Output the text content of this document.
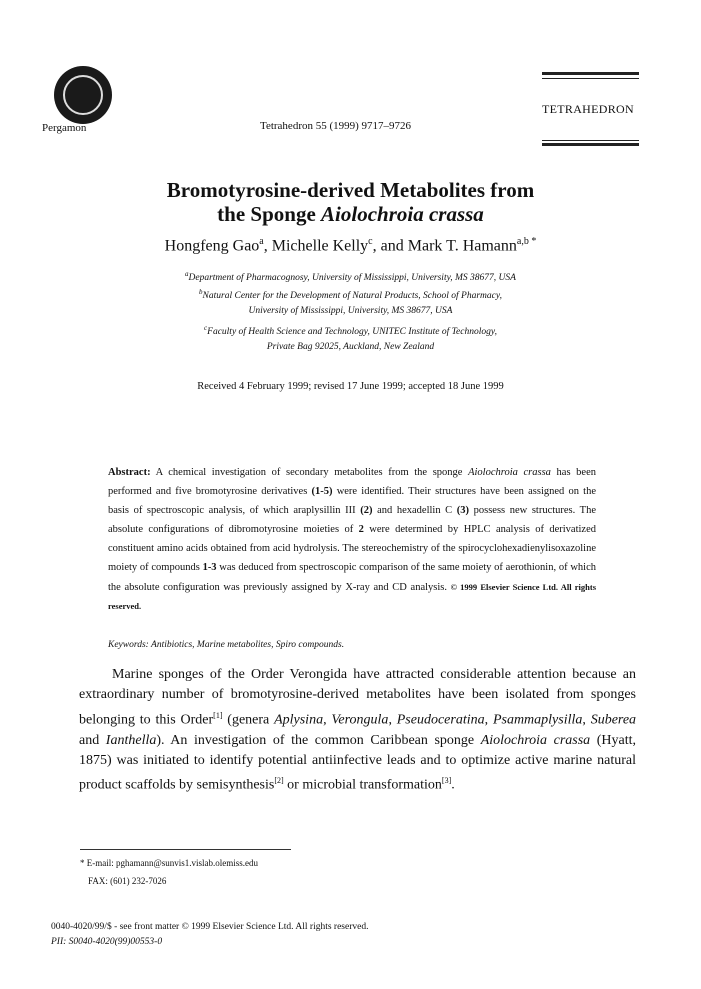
Pergamon	Tetrahedron 55 (1999) 9717–9726
TETRAHEDRON
Bromotyrosine-derived Metabolites from
the Sponge Aiolochroia crassa
Hongfeng Gao$^a$, Michelle Kelly$^c$, and Mark T. Hamann$^{a,b *}$
$^a$Department of Pharmacognosy, University of Mississippi, University, MS 38677, USA
$^b$Natural Center for the Development of Natural Products, School of Pharmacy,
University of Mississippi, University, MS 38677, USA
$^c$Faculty of Health Science and Technology, UNITEC Institute of Technology,
Private Bag 92025, Auckland, New Zealand
Received 4 February 1999; revised 17 June 1999; accepted 18 June 1999
Abstract: A chemical investigation of secondary metabolites from the sponge Aiolochroia crassa has been performed and five bromotyrosine derivatives (1-5) were identified. Their structures have been assigned on the basis of spectroscopic analysis, of which araplysillin III (2) and hexadellin C (3) possess new structures. The absolute configurations of dibromotyrosine moieties of 2 were determined by HPLC analysis of derivatized constituent amino acids obtained from acid hydrolysis. The stereochemistry of the spirocyclohexadienylisoxazoline moiety of compounds 1-3 was deduced from spectroscopic comparison of the same moiety of aerothionin, of which the absolute configuration was previously assigned by X-ray and CD analysis. © 1999 Elsevier Science Ltd. All rights reserved.
Keywords: Antibiotics, Marine metabolites, Spiro compounds.
Marine sponges of the Order Verongida have attracted considerable attention because an extraordinary number of bromotyrosine-derived metabolites have been isolated from sponges belonging to this Order[1] (genera Aplysina, Verongula, Pseudoceratina, Psammaplysilla, Suberea and Ianthella). An investigation of the common Caribbean sponge Aiolochroia crassa (Hyatt, 1875) was initiated to identify potential antiinfective leads and to optimize active marine natural product scaffolds by semisynthesis[2] or microbial transformation[3].
* E-mail: pghamann@sunvis1.vislab.olemiss.edu
FAX: (601) 232-7026
0040-4020/99/$ - see front matter © 1999 Elsevier Science Ltd. All rights reserved.
PII: S0040-4020(99)00553-0
